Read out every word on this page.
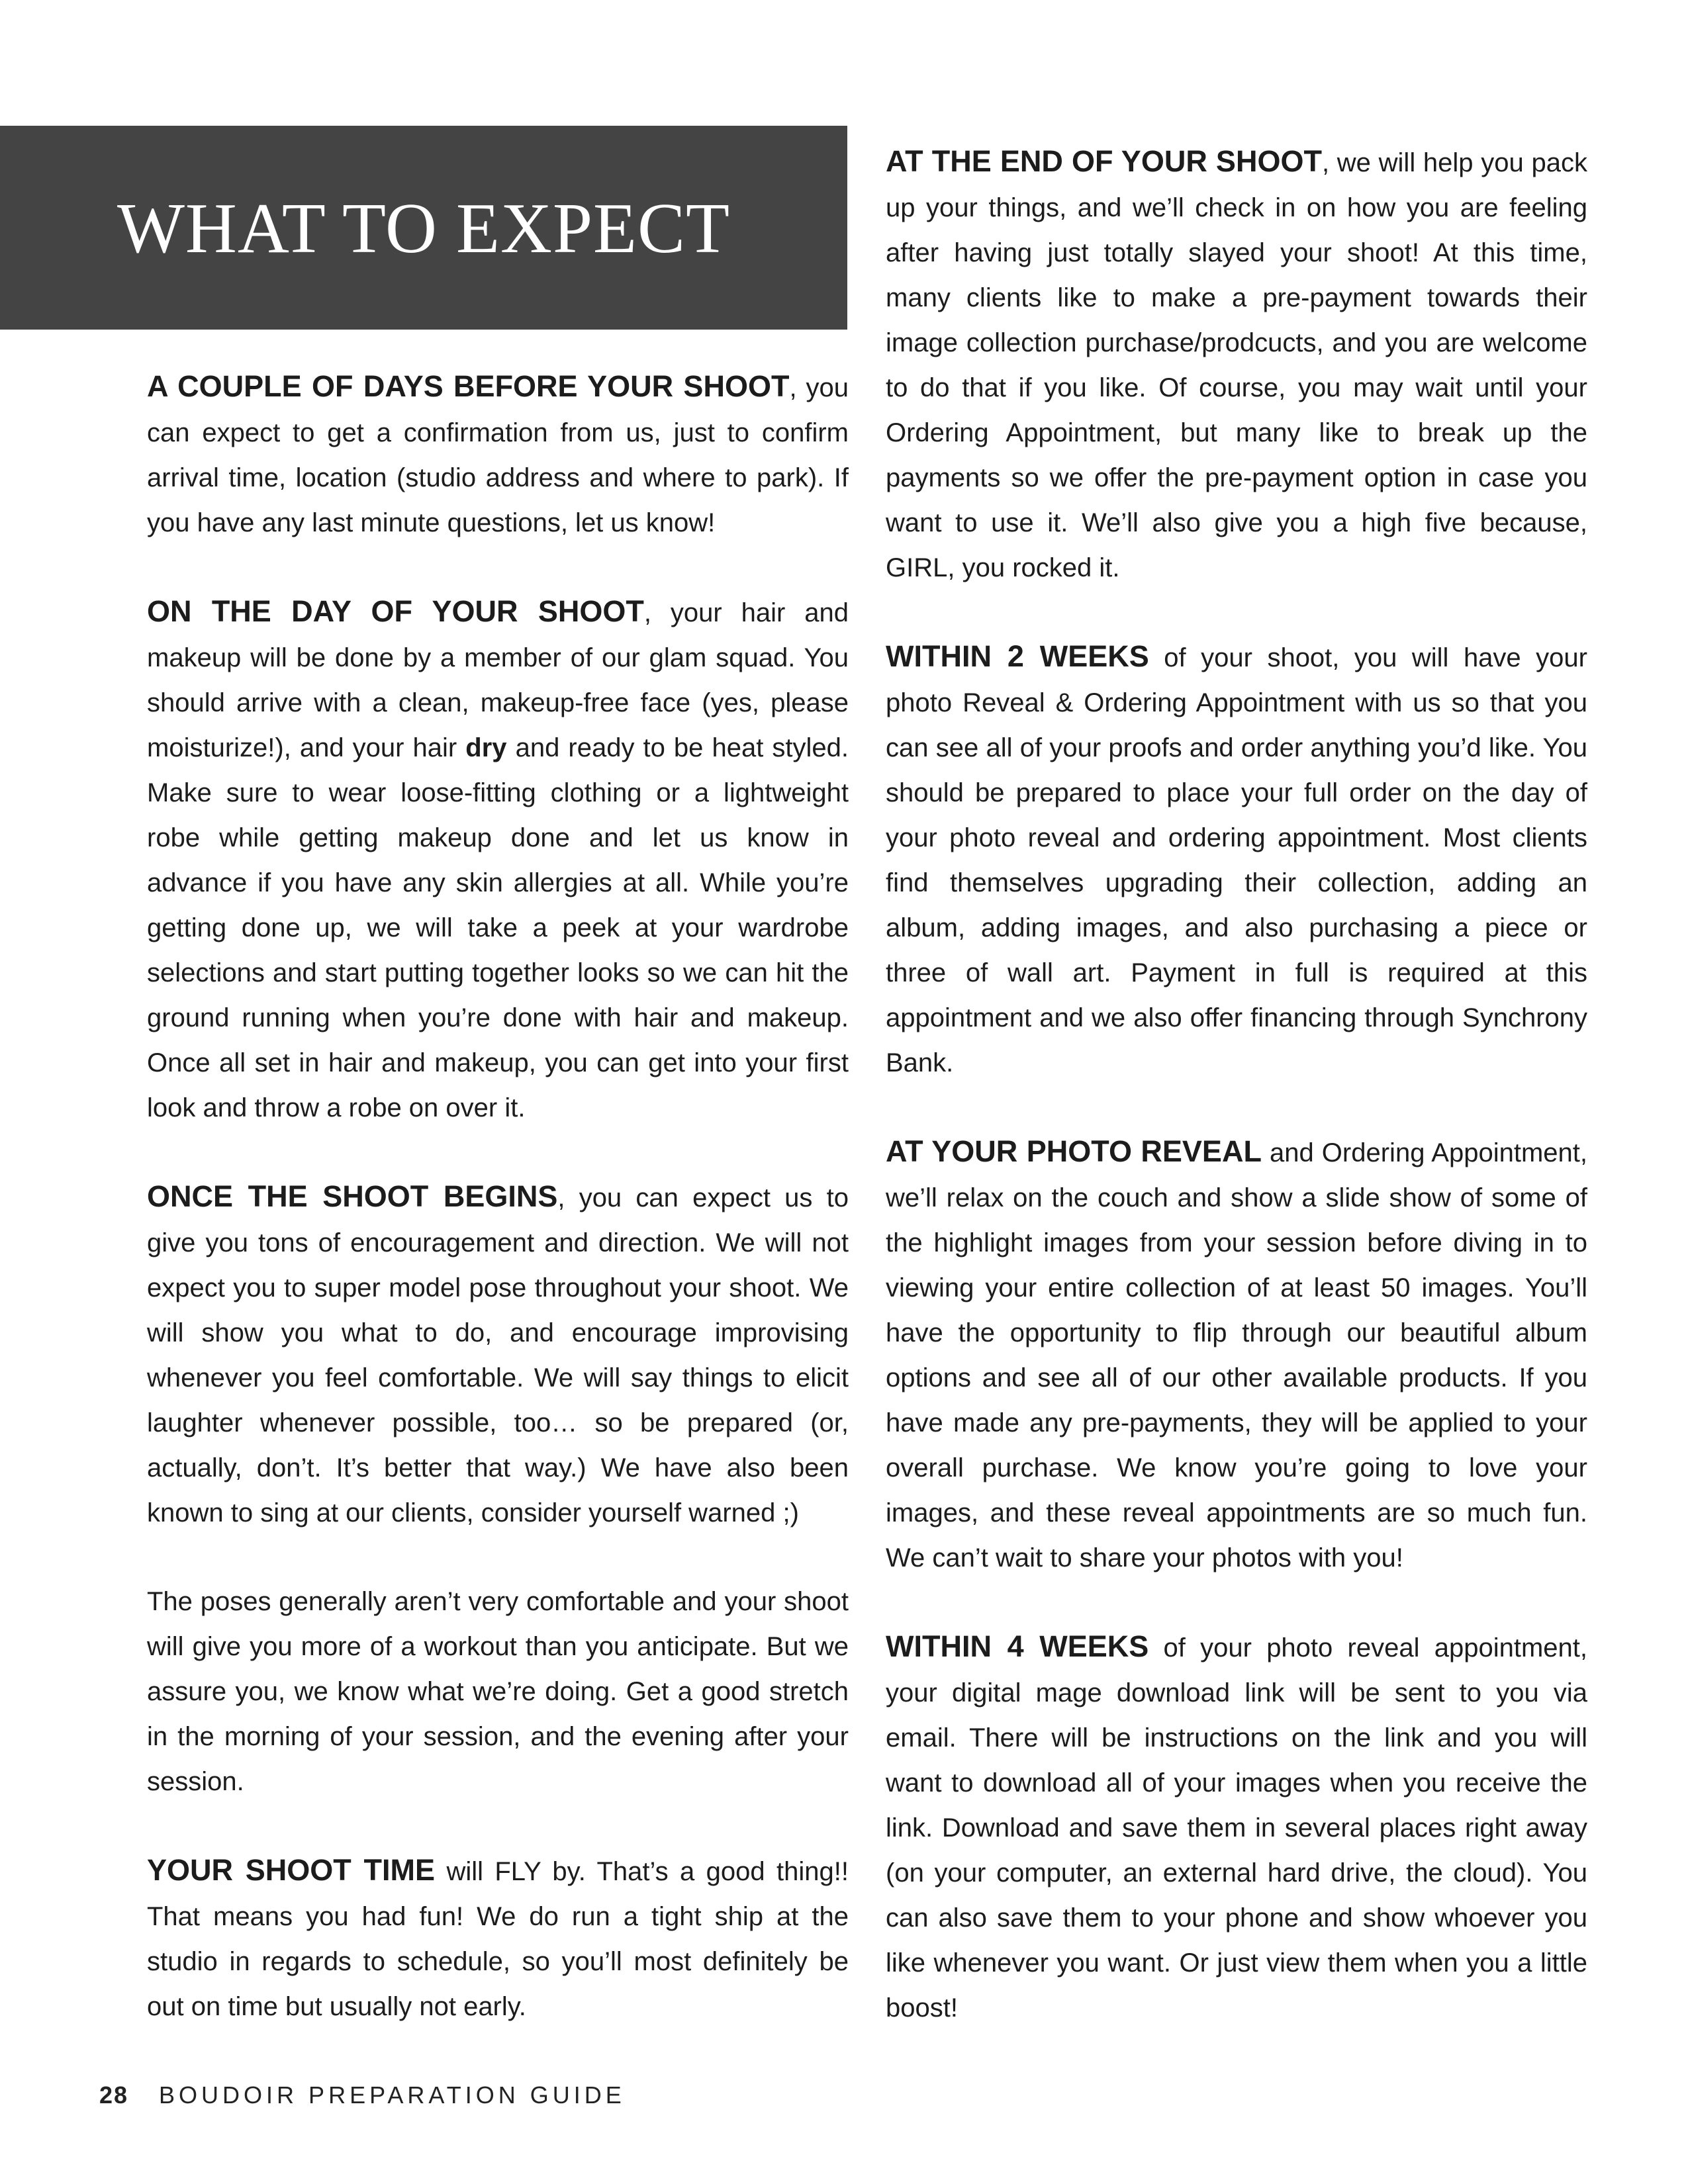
WHAT TO EXPECT

A COUPLE OF DAYS BEFORE YOUR SHOOT, you can expect to get a confirmation from us, just to confirm arrival time, location (studio address and where to park). If you have any last minute questions, let us know!

ON THE DAY OF YOUR SHOOT, your hair and makeup will be done by a member of our glam squad. You should arrive with a clean, makeup-free face (yes, please moisturize!), and your hair dry and ready to be heat styled. Make sure to wear loose-fitting clothing or a lightweight robe while getting makeup done and let us know in advance if you have any skin allergies at all. While you’re getting done up, we will take a peek at your wardrobe selections and start putting together looks so we can hit the ground running when you’re done with hair and makeup. Once all set in hair and makeup, you can get into your first look and throw a robe on over it.

ONCE THE SHOOT BEGINS, you can expect us to give you tons of encouragement and direction. We will not expect you to super model pose throughout your shoot. We will show you what to do, and encourage improvising whenever you feel comfortable. We will say things to elicit laughter whenever possible, too… so be prepared (or, actually, don’t. It’s better that way.) We have also been known to sing at our clients, consider yourself warned ;)

The poses generally aren’t very comfortable and your shoot will give you more of a workout than you anticipate. But we assure you, we know what we’re doing. Get a good stretch in the morning of your session, and the evening after your session.

YOUR SHOOT TIME will FLY by. That’s a good thing!! That means you had fun! We do run a tight ship at the studio in regards to schedule, so you’ll most definitely be out on time but usually not early.

AT THE END OF YOUR SHOOT, we will help you pack up your things, and we’ll check in on how you are feeling after having just totally slayed your shoot! At this time, many clients like to make a pre-payment towards their image collection purchase/prodcucts, and you are welcome to do that if you like. Of course, you may wait until your Ordering Appointment, but many like to break up the payments so we offer the pre-payment option in case you want to use it. We’ll also give you a high five because, GIRL, you rocked it.

WITHIN 2 WEEKS of your shoot, you will have your photo Reveal & Ordering Appointment with us so that you can see all of your proofs and order anything you’d like. You should be prepared to place your full order on the day of your photo reveal and ordering appointment. Most clients find themselves upgrading their collection, adding an album, adding images, and also purchasing a piece or three of wall art. Payment in full is required at this appointment and we also offer financing through Synchrony Bank.

AT YOUR PHOTO REVEAL and Ordering Appointment, we’ll relax on the couch and show a slide show of some of the highlight images from your session before diving in to viewing your entire collection of at least 50 images. You’ll have the opportunity to flip through our beautiful album options and see all of our other available products. If you have made any pre-payments, they will be applied to your overall purchase. We know you’re going to love your images, and these reveal appointments are so much fun. We can’t wait to share your photos with you!

WITHIN 4 WEEKS of your photo reveal appointment, your digital mage download link will be sent to you via email. There will be instructions on the link and you will want to download all of your images when you receive the link. Download and save them in several places right away (on your computer, an external hard drive, the cloud). You can also save them to your phone and show whoever you like whenever you want. Or just view them when you a little boost!

28 BOUDOIR PREPARATION GUIDE
